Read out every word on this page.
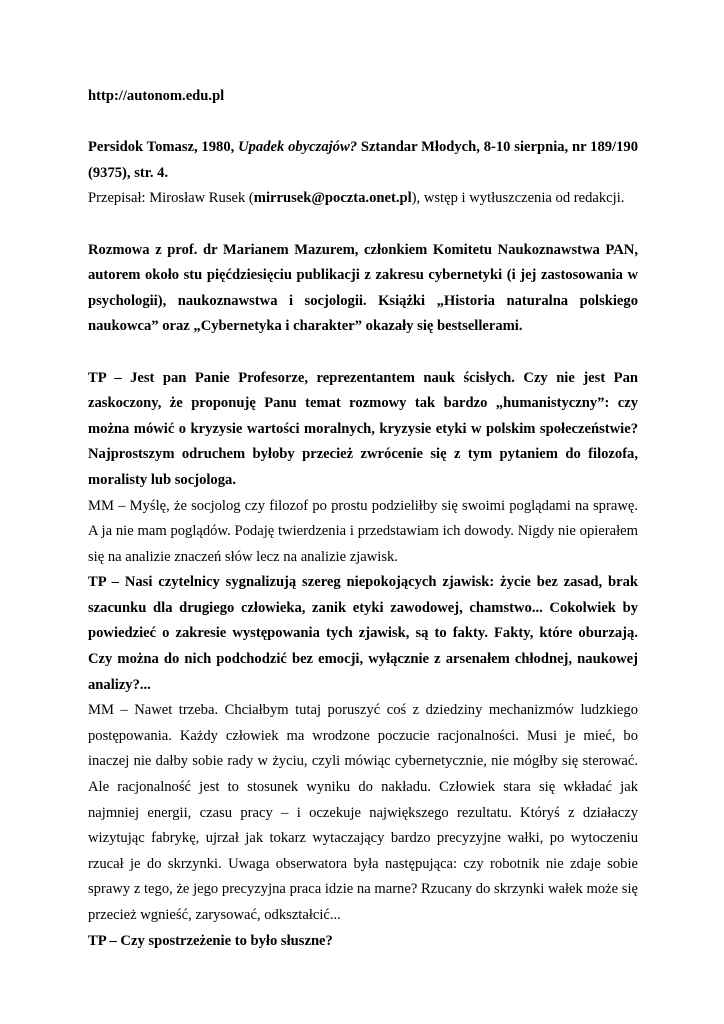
http://autonom.edu.pl

Persidok Tomasz, 1980, Upadek obyczajów? Sztandar Młodych, 8-10 sierpnia, nr 189/190 (9375), str. 4.

Przepisał: Mirosław Rusek (mirrusek@poczta.onet.pl), wstęp i wytłuszczenia od redakcji.

Rozmowa z prof. dr Marianem Mazurem, członkiem Komitetu Naukoznawstwa PAN, autorem około stu pięćdziesięciu publikacji z zakresu cybernetyki (i jej zastosowania w psychologii), naukoznawstwa i socjologii. Książki „Historia naturalna polskiego naukowca” oraz „Cybernetyka i charakter” okazały się bestsellerami.

TP – Jest pan Panie Profesorze, reprezentantem nauk ścisłych. Czy nie jest Pan zaskoczony, że proponuję Panu temat rozmowy tak bardzo „humanistyczny”: czy można mówić o kryzysie wartości moralnych, kryzysie etyki w polskim społeczeństwie? Najprostszym odruchem byłoby przecież zwrócenie się z tym pytaniem do filozofa, moralisty lub socjologa.

MM – Myślę, że socjolog czy filozof po prostu podzieliłby się swoimi poglądami na sprawę. A ja nie mam poglądów. Podaję twierdzenia i przedstawiam ich dowody. Nigdy nie opierałem się na analizie znaczeń słów lecz na analizie zjawisk.

TP – Nasi czytelnicy sygnalizują szereg niepokojących zjawisk: życie bez zasad, brak szacunku dla drugiego człowieka, zanik etyki zawodowej, chamstwo... Cokolwiek by powiedzieć o zakresie występowania tych zjawisk, są to fakty. Fakty, które oburzają. Czy można do nich podchodzić bez emocji, wyłącznie z arsenałem chłodnej, naukowej analizy?...

MM – Nawet trzeba. Chciałbym tutaj poruszyć coś z dziedziny mechanizmów ludzkiego postępowania. Każdy człowiek ma wrodzone poczucie racjonalności. Musi je mieć, bo inaczej nie dałby sobie rady w życiu, czyli mówiąc cybernetycznie, nie mógłby się sterować. Ale racjonalność jest to stosunek wyniku do nakładu. Człowiek stara się wkładać jak najmniej energii, czasu pracy – i oczekuje największego rezultatu. Któryś z działaczy wizytując fabrykę, ujrzał jak tokarz wytaczający bardzo precyzyjne wałki, po wytoczeniu rzucał je do skrzynki. Uwaga obserwatora była następująca: czy robotnik nie zdaje sobie sprawy z tego, że jego precyzyjna praca idzie na marne? Rzucany do skrzynki wałek może się przecież wgnieść, zarysować, odkształcić...

TP – Czy spostrzeżenie to było słuszne?
